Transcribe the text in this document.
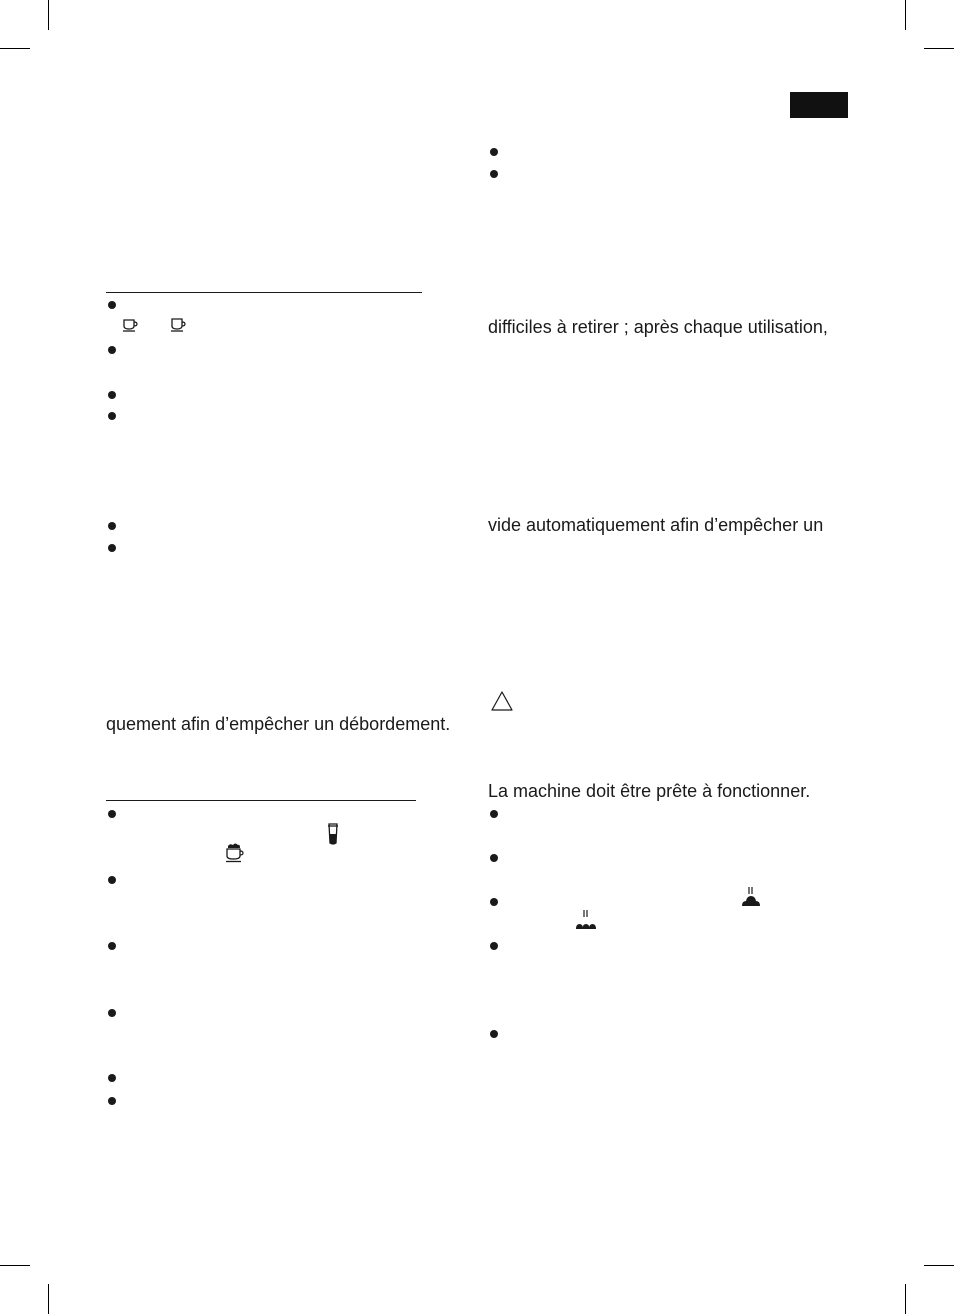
quement afin d’empêcher un débordement.
difficiles à retirer ; après chaque utilisation,
vide automatiquement afin d’empêcher un
La machine doit être prête à fonctionner.
